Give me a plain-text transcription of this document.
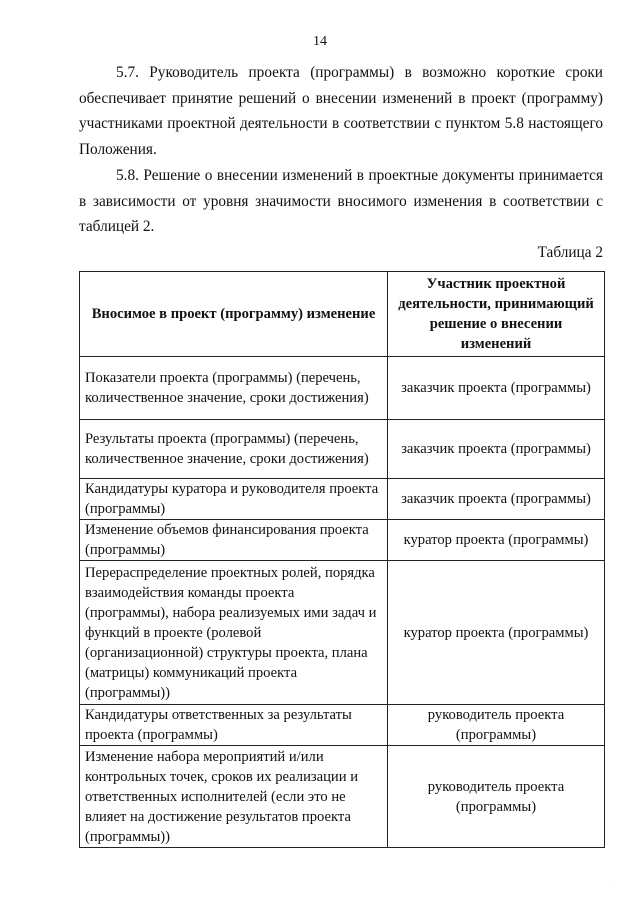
14

5.7. Руководитель проекта (программы) в возможно короткие сроки обеспечивает принятие решений о внесении изменений в проект (программу) участниками проектной деятельности в соответствии с пунктом 5.8 настоящего Положения.

5.8. Решение о внесении изменений в проектные документы принимается в зависимости от уровня значимости вносимого изменения в соответствии с таблицей 2.

Таблица 2
Вносимое в проект (программу) изменение	Участник проектной деятельности, принимающий решение о внесении изменений
Показатели проекта (программы) (перечень, количественное значение, сроки достижения)	заказчик проекта (программы)
Результаты проекта (программы) (перечень, количественное значение, сроки достижения)	заказчик проекта (программы)
Кандидатуры куратора и руководителя проекта (программы)	заказчик проекта (программы)
Изменение объемов финансирования проекта (программы)	куратор проекта (программы)
Перераспределение проектных ролей, порядка взаимодействия команды проекта (программы), набора реализуемых ими задач и функций в проекте (ролевой (организационной) структуры проекта, плана (матрицы) коммуникаций проекта (программы))	куратор проекта (программы)
Кандидатуры ответственных за результаты проекта (программы)	руководитель проекта (программы)
Изменение набора мероприятий и/или контрольных точек, сроков их реализации и ответственных исполнителей (если это не влияет на достижение результатов проекта (программы))	руководитель проекта (программы)
·
